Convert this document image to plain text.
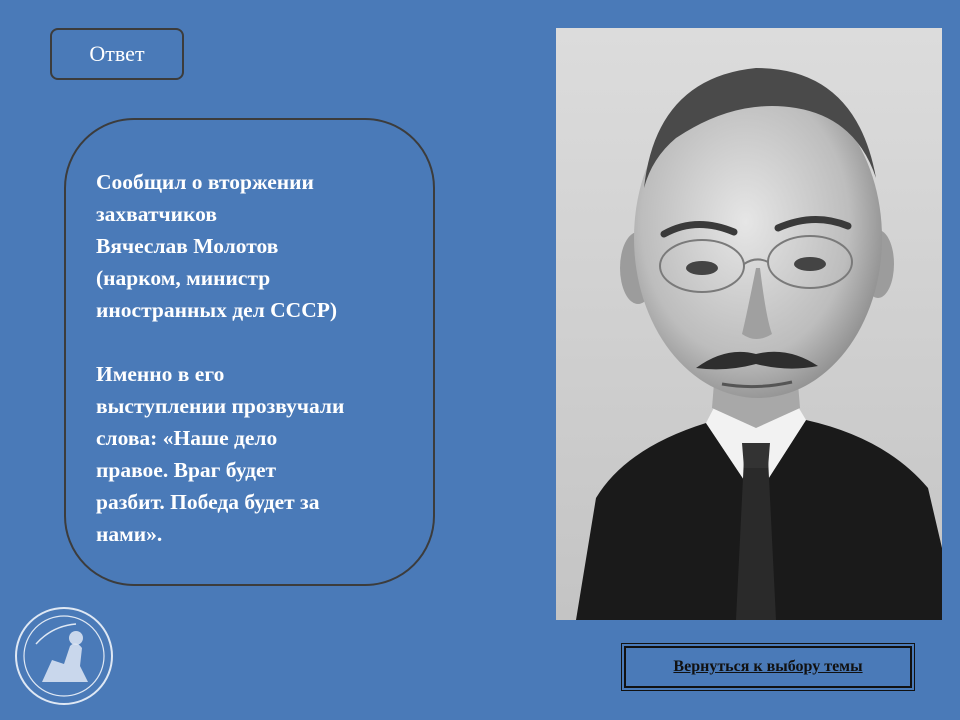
Ответ
Сообщил о вторжении
захватчиков
Вячеслав Молотов
(нарком, министр
иностранных дел СССР)
Именно в его
выступлении прозвучали
слова: «Наше дело
правое. Враг будет
разбит. Победа будет за
нами».
Вернуться к выбору темы
